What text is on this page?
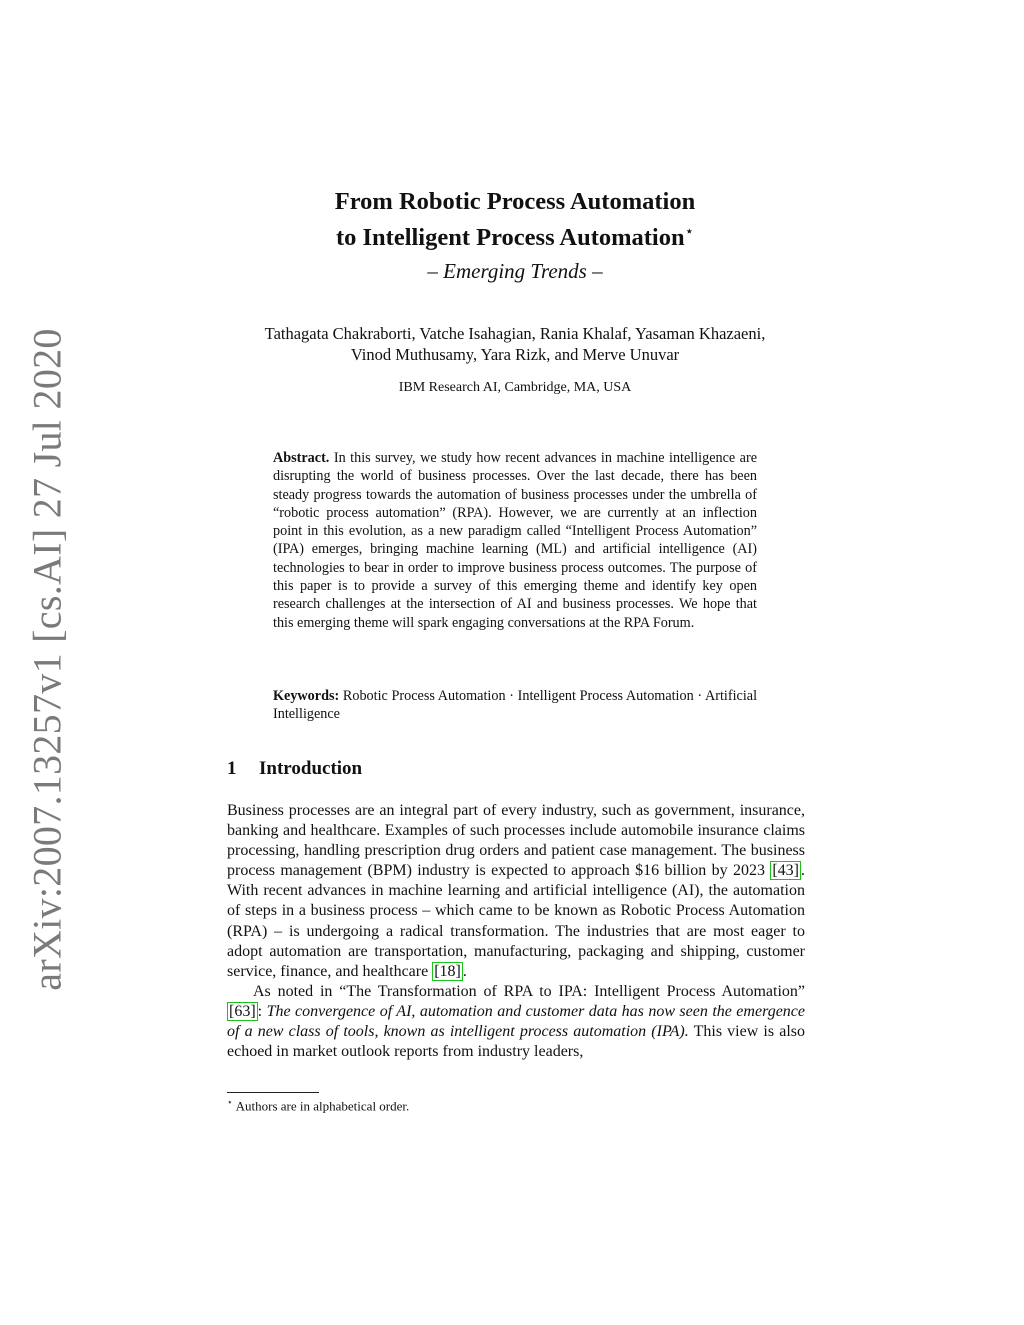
arXiv:2007.13257v1 [cs.AI] 27 Jul 2020
From Robotic Process Automation
to Intelligent Process Automation⋆
– Emerging Trends –
Tathagata Chakraborti, Vatche Isahagian, Rania Khalaf, Yasaman Khazaeni,
Vinod Muthusamy, Yara Rizk, and Merve Unuvar
IBM Research AI, Cambridge, MA, USA
Abstract. In this survey, we study how recent advances in machine intelligence are disrupting the world of business processes. Over the last decade, there has been steady progress towards the automation of business processes under the umbrella of “robotic process automation” (RPA). However, we are currently at an inflection point in this evolution, as a new paradigm called “Intelligent Process Automation” (IPA) emerges, bringing machine learning (ML) and artificial intelligence (AI) technologies to bear in order to improve business process outcomes. The purpose of this paper is to provide a survey of this emerging theme and identify key open research challenges at the intersection of AI and business processes. We hope that this emerging theme will spark engaging conversations at the RPA Forum.
Keywords: Robotic Process Automation · Intelligent Process Automation · Artificial Intelligence
1 Introduction

Business processes are an integral part of every industry, such as government, insurance, banking and healthcare. Examples of such processes include automobile insurance claims processing, handling prescription drug orders and patient case management. The business process management (BPM) industry is expected to approach $16 billion by 2023 [43] . With recent advances in machine learning and artificial intelligence (AI), the automation of steps in a business process – which came to be known as Robotic Process Automation (RPA) – is undergoing a radical transformation. The industries that are most eager to adopt automation are transportation, manufacturing, packaging and shipping, customer service, finance, and healthcare [18] .

As noted in “The Transformation of RPA to IPA: Intelligent Process Automation” [63] : The convergence of AI, automation and customer data has now seen the emergence of a new class of tools, known as intelligent process automation (IPA). This view is also echoed in market outlook reports from industry leaders,

⋆ Authors are in alphabetical order.
